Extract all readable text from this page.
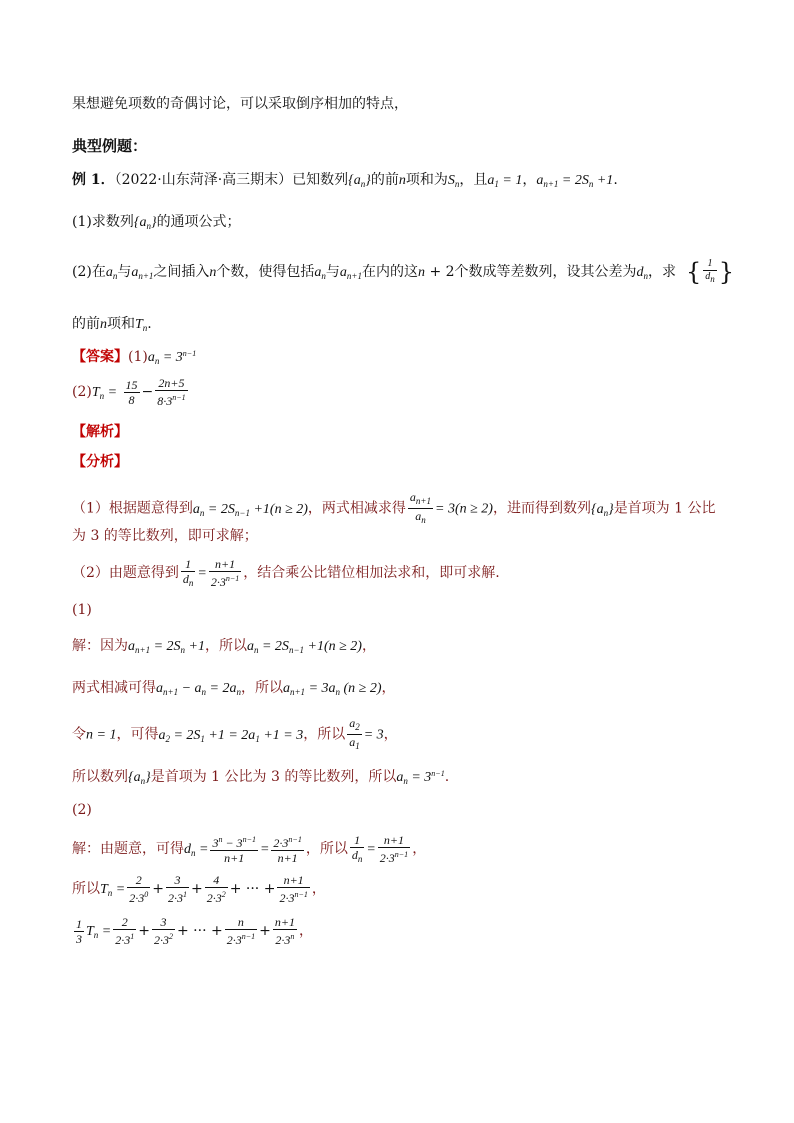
果想避免项数的奇偶讨论，可以采取倒序相加的特点，
典型例题：
例 1．（2022·山东菏泽·高三期末）已知数列$\{a_n\}$的前n项和为$S_n$，且$a_1 = 1$，$a_{n+1} = 2S_n +1$.
(1)求数列$\{a_n\}$的通项公式；
(2)在$a_n$与$a_{n+1}$之间插入n个数，使得包括$a_n$与$a_{n+1}$在内的这n + 2个数成等差数列，设其公差为$d_n$，求 { $\frac{1}{dn}$ }
的前n项和$T_n$.
【答案】$(1)a_n = 3^{n-1}$
$(2)T_n = \frac{15}{8} - \frac{2n+5}{8\cdot 3^{n-1}}$
【解析】
【分析】
（1）根据题意得到$a_n = 2S_{n-1} +1(n \ge 2)$，两式相减求得 $\frac{a_{n+1}}{a_n} = 3(n \ge 2)$，进而得到数列$\{a_n\}$是首项为 1 公比
为 3 的等比数列，即可求解；
（2）由题意得到 $\frac{1}{d_n} = \frac{n+1}{2\cdot 3^{n-1}}$ ，结合乘公比错位相加法求和，即可求解.
(1)
解：因为$a_{n+1} = 2S_n +1$，所以$a_n = 2S_{n-1} +1(n \ge 2)$，
两式相减可得$a_{n+1} - a_n = 2a_n$，所以$a_{n+1} = 3a_n$ (n ≥ 2)，
令n = 1，可得$a_2 = 2S_1 +1 = 2a_1 +1 = 3$，所以 $\frac{a_2}{a_1} = 3$，
所以数列$\{a_n\}$是首项为 1 公比为 3 的等比数列，所以$a_n = 3^{n-1}$.
(2)
解：由题意，可得$d_n = \frac{3^n - 3^{n-1}}{n+1} = \frac{2\cdot 3^{n-1}}{n+1}$ ，所以 $\frac{1}{d_n} = \frac{n+1}{2\cdot 3^{n-1}}$ ，
所以$T_n = \frac{2}{2\cdot 3^0} + \frac{3}{2\cdot 3^1} + \frac{4}{2\cdot 3^2}$ + ··· + $\frac{n+1}{2\cdot 3^{n-1}}$ ，
$\frac{1}{3} T_n = \frac{2}{2\cdot 3^1} + \frac{3}{2\cdot 3^2}$ + ··· + $\frac{n}{2\cdot 3^{n-1}} + \frac{n+1}{2\cdot 3^n}$ ，
